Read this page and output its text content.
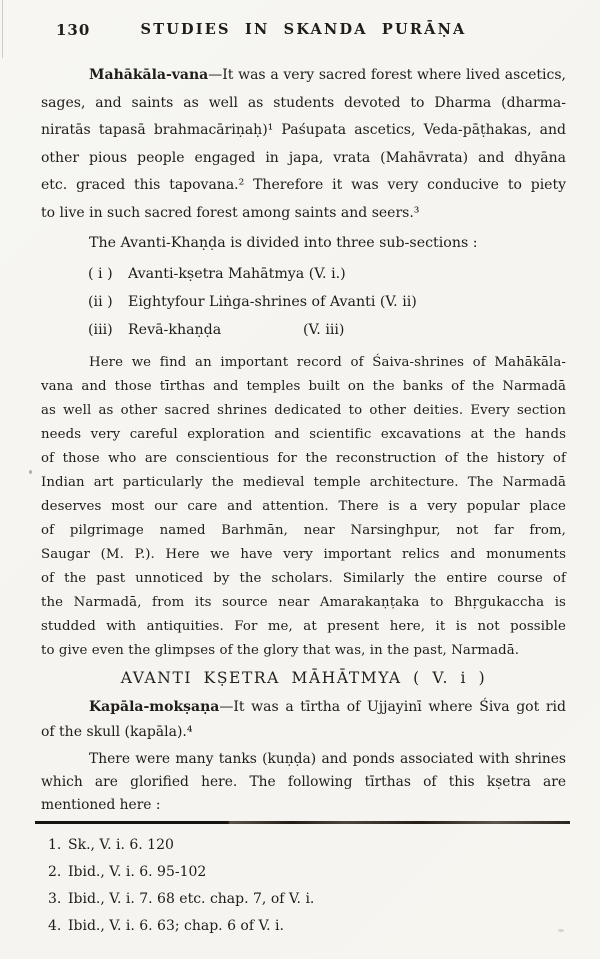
130	STUDIES IN SKANDA PURĀṆA
Mahākāla-vana—It was a very sacred forest where lived ascetics,
sages, and saints as well as students devoted to Dharma (dharma-
niratās tapasā brahmacāriṇaḥ)¹ Paśupata ascetics, Veda-pāṭhakas, and
other pious people engaged in japa, vrata (Mahāvrata) and dhyāna
etc. graced this tapovana.² Therefore it was very conducive to piety
to live in such sacred forest among saints and seers.³
The Avanti-Khaṇḍa is divided into three sub-sections :
( i ) Avanti-kṣetra Mahātmya (V. i.)
(ii ) Eightyfour Liṅga-shrines of Avanti (V. ii)
(iii) Revā-khaṇḍa	(V. iii)
Here we find an important record of Śaiva-shrines of Mahākāla-
vana and those tīrthas and temples built on the banks of the Narmadā
as well as other sacred shrines dedicated to other deities. Every section
needs very careful exploration and scientific excavations at the hands
of those who are conscientious for the reconstruction of the history of
Indian art particularly the medieval temple architecture. The Narmadā
deserves most our care and attention. There is a very popular place
of pilgrimage named Barhmān, near Narsinghpur, not far from,
Saugar (M. P.). Here we have very important relics and monuments
of the past unnoticed by the scholars. Similarly the entire course of
the Narmadā, from its source near Amarakaṇṭaka to Bhṛgukaccha is
studded with antiquities. For me, at present here, it is not possible
to give even the glimpses of the glory that was, in the past, Narmadā.
AVANTI KṢETRA MĀHĀTMYA ( V. i )
Kapāla-mokṣaṇa—It was a tīrtha of Ujjayinī where Śiva got rid
of the skull (kapāla).⁴
There were many tanks (kuṇḍa) and ponds associated with shrines
which are glorified here. The following tīrthas of this kṣetra are
mentioned here :
1. Sk., V. i. 6. 120
2. Ibid., V. i. 6. 95-102
3. Ibid., V. i. 7. 68 etc. chap. 7, of V. i.
4. Ibid., V. i. 6. 63; chap. 6 of V. i.
